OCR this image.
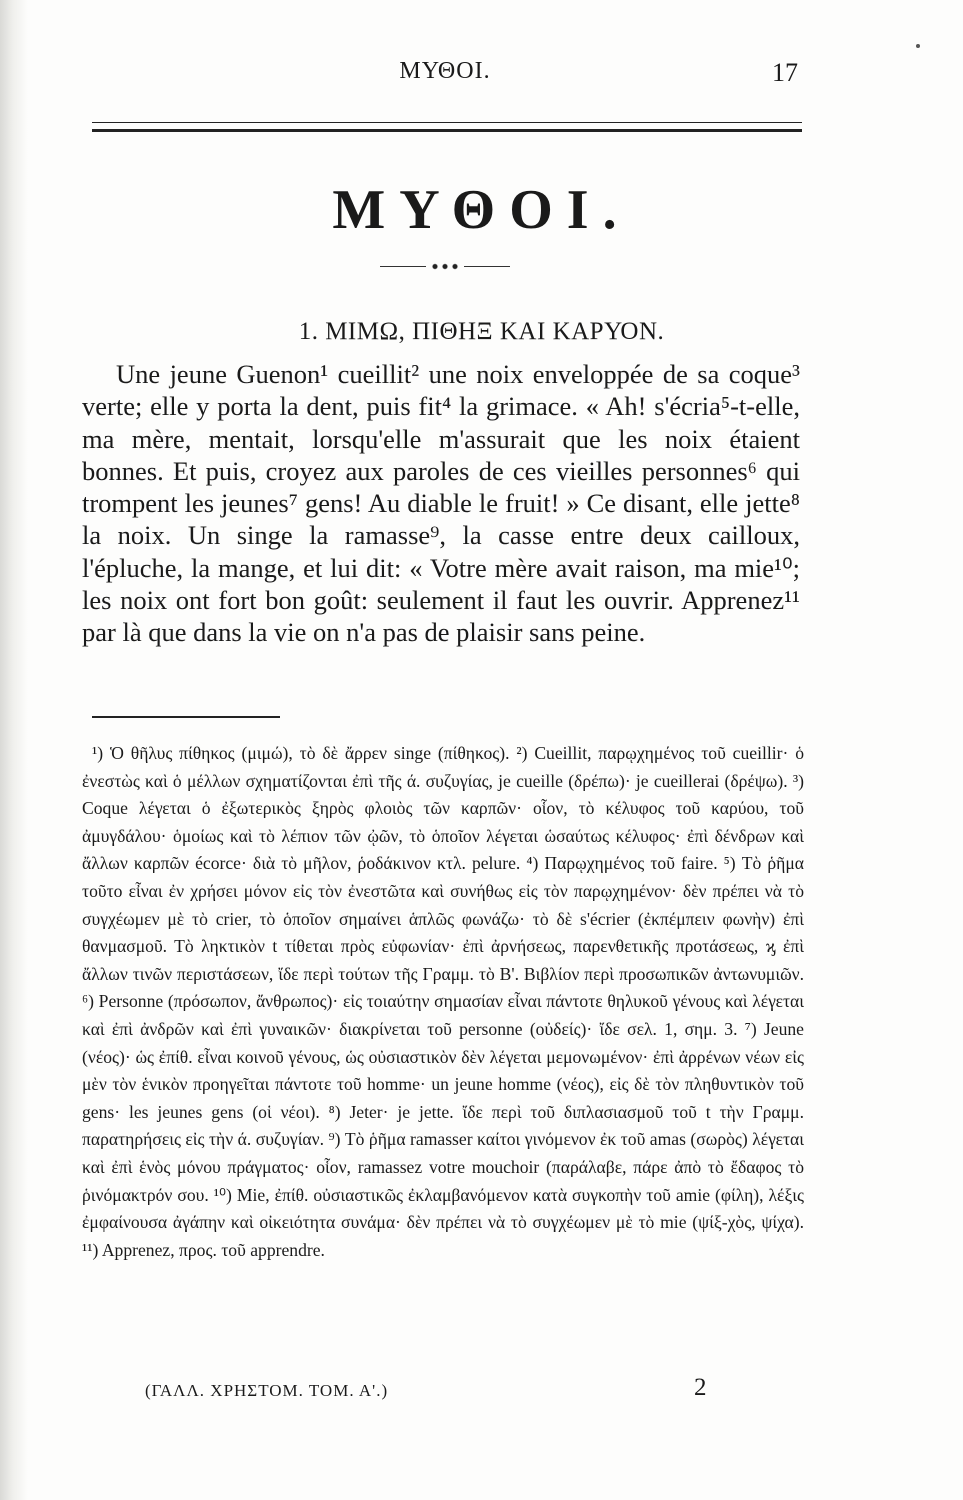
ΜΥΘΟΙ.	17
ΜΥΘΟΙ.
1. ΜΙΜΩ, ΠΙΘΗΞ ΚΑΙ ΚΑΡΥΟΝ.

Une jeune Guenon¹ cueillit² une noix enveloppée de sa coque³ verte; elle y porta la dent, puis fit⁴ la grimace. « Ah! s'écria⁵-t-elle, ma mère, mentait, lorsqu'elle m'assurait que les noix étaient bonnes. Et puis, croyez aux paroles de ces vieilles personnes⁶ qui trompent les jeunes⁷ gens! Au diable le fruit! » Ce disant, elle jette⁸ la noix. Un singe la ramasse⁹, la casse entre deux cailloux, l'épluche, la mange, et lui dit: « Votre mère avait raison, ma mie¹⁰; les noix ont fort bon goût: seulement il faut les ouvrir. Apprenez¹¹ par là que dans la vie on n'a pas de plaisir sans peine.

¹) Ὁ θῆλυς πίθηκος (μιμώ), τὸ δὲ ἄρρεν singe (πίθηκος). ²) Cueillit, παρῳχημένος τοῦ cueillir· ὁ ἐνεστὼς καὶ ὁ μέλλων σχηματίζονται ἐπὶ τῆς ά. συζυγίας, je cueille (δρέπω)· je cueillerai (δρέψω). ³) Coque λέγεται ὁ ἐξωτερικὸς ξηρὸς φλοιὸς τῶν καρπῶν· οἷον, τὸ κέλυφος τοῦ καρύου, τοῦ ἀμυγδάλου· ὁμοίως καὶ τὸ λέπιον τῶν ᾠῶν, τὸ ὁποῖον λέγεται ὡσαύτως κέλυφος· ἐπὶ δένδρων καὶ ἄλλων καρπῶν écorce· διὰ τὸ μῆλον, ῥοδάκινον κτλ. pelure. ⁴) Παρῳχημένος τοῦ faire. ⁵) Τὸ ῥῆμα τοῦτο εἶναι ἐν χρήσει μόνον εἰς τὸν ἐνεστῶτα καὶ συνήθως εἰς τὸν παρῳχημένον· δὲν πρέπει νὰ τὸ συγχέωμεν μὲ τὸ crier, τὸ ὁποῖον σημαίνει ἁπλῶς φωνάζω· τὸ δὲ s'écrier (ἐκπέμπειν φωνὴν) ἐπὶ θανμασμοῦ. Τὸ ληκτικὸν t τίθεται πρὸς εὐφωνίαν· ἐπὶ ἀρνήσεως, παρενθετικῆς προτάσεως, ϗ ἐπὶ ἄλλων τινῶν περιστάσεων, ἴδε περὶ τούτων τῆς Γραμμ. τὸ Β'. Βιβλίον περὶ προσωπικῶν ἀντωνυμιῶν. ⁶) Personne (πρόσωπον, ἄνθρωπος)· εἰς τοιαύτην σημασίαν εἶναι πάντοτε θηλυκοῦ γένους καὶ λέγεται καὶ ἐπὶ ἀνδρῶν καὶ ἐπὶ γυναικῶν· διακρίνεται τοῦ personne (οὐδείς)· ἴδε σελ. 1, σημ. 3. ⁷) Jeune (νέος)· ὡς ἐπίθ. εἶναι κοινοῦ γένους, ὡς οὐσιαστικὸν δὲν λέγεται μεμονωμένον· ἐπὶ ἀρρένων νέων εἰς μὲν τὸν ἑνικὸν προηγεῖται πάντοτε τοῦ homme· un jeune homme (νέος), εἰς δὲ τὸν πληθυντικὸν τοῦ gens· les jeunes gens (οἱ νέοι). ⁸) Jeter· je jette. ἴδε περὶ τοῦ διπλασιασμοῦ τοῦ t τὴν Γραμμ. παρατηρήσεις εἰς τὴν ά. συζυγίαν. ⁹) Τὸ ῥῆμα ramasser καίτοι γινόμενον ἐκ τοῦ amas (σωρὸς) λέγεται καὶ ἐπὶ ἑνὸς μόνου πράγματος· οἷον, ramassez votre mouchoir (παράλαβε, πάρε ἀπὸ τὸ ἔδαφος τὸ ῥινόμακτρόν σου. ¹⁰) Mie, ἐπίθ. οὐσιαστικῶς ἐκλαμβανόμενον κατὰ συγκοπὴν τοῦ amie (φίλη), λέξις ἐμφαίνουσα ἀγάπην καὶ οἰκειότητα συνάμα· δὲν πρέπει νὰ τὸ συγχέωμεν μὲ τὸ mie (ψίξ-χὸς, ψίχα). ¹¹) Apprenez, προς. τοῦ apprendre.

(ΓΑΛΛ. ΧΡΗΣΤΟΜ. ΤΟΜ. Α'.)	2
